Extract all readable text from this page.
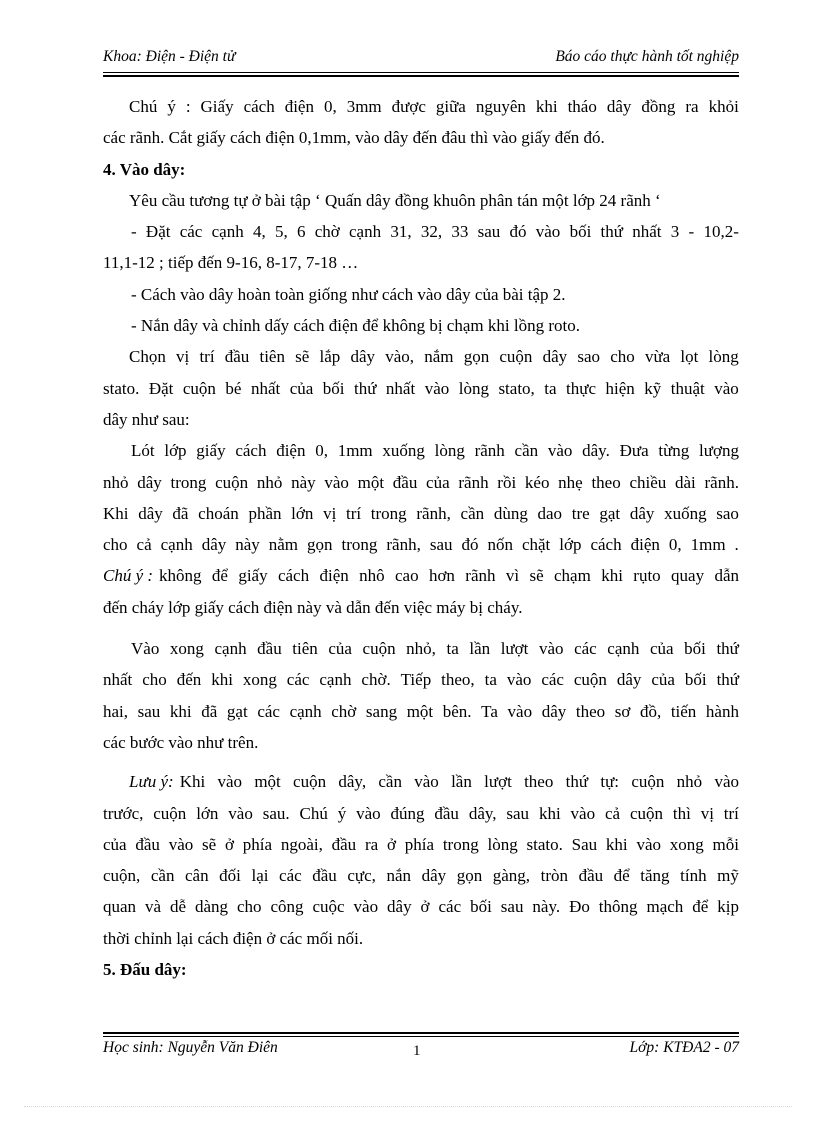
Khoa: Điện - Điện tử	Báo cáo thực hành tốt nghiệp
Chú ý : Giấy cách điện 0, 3mm được giữa nguyên khi tháo dây đồng ra khỏi
các rãnh. Cắt giấy cách điện 0,1mm, vào dây đến đâu thì vào giấy đến đó.
4. Vào dây:
Yêu cầu tương tự ở bài tập ‘ Quấn dây đồng khuôn phân tán một lớp 24 rãnh ‘
- Đặt các cạnh 4, 5, 6 chờ cạnh 31, 32, 33 sau đó vào bối thứ nhất 3 - 10,2-
11,1-12 ; tiếp đến 9-16, 8-17, 7-18 …
- Cách vào dây hoàn toàn giống như cách vào dây của bài tập 2.
- Nắn dây và chỉnh dấy cách điện để không bị chạm khi lồng roto.
Chọn vị trí đầu tiên sẽ lắp dây vào, nắm gọn cuộn dây sao cho vừa lọt lòng
stato. Đặt cuộn bé nhất của bối thứ nhất vào lòng stato, ta thực hiện kỹ thuật vào
dây như sau:
Lót lớp giấy cách điện 0, 1mm xuống lòng rãnh cần vào dây. Đưa từng lượng
nhỏ dây trong cuộn nhỏ này vào một đầu của rãnh rồi kéo nhẹ theo chiều dài rãnh.
Khi dây đã choán phần lớn vị trí trong rãnh, cần dùng dao tre gạt dây xuống sao
cho cả cạnh dây này nằm gọn trong rãnh, sau đó nốn chặt lớp cách điện 0, 1mm .
Chú ý : không để giấy cách điện nhô cao hơn rãnh vì sẽ chạm khi rụto quay dẫn
đến cháy lớp giấy cách điện này và dẫn đến việc máy bị cháy.
Vào xong cạnh đầu tiên của cuộn nhỏ, ta lần lượt vào các cạnh của bối thứ
nhất cho đến khi xong các cạnh chờ. Tiếp theo, ta vào các cuộn dây của bối thứ
hai, sau khi đã gạt các cạnh chờ sang một bên. Ta vào dây theo sơ đồ, tiến hành
các bước vào như trên.
Lưu ý: Khi vào một cuộn dây, cần vào lần lượt theo thứ tự: cuộn nhỏ vào
trước, cuộn lớn vào sau. Chú ý vào đúng đầu dây, sau khi vào cả cuộn thì vị trí
của đầu vào sẽ ở phía ngoài, đầu ra ở phía trong lòng stato. Sau khi vào xong mỗi
cuộn, cần cân đối lại các đầu cực, nắn dây gọn gàng, tròn đầu để tăng tính mỹ
quan và dễ dàng cho công cuộc vào dây ở các bối sau này. Đo thông mạch để kịp
thời chỉnh lại cách điện ở các mối nối.
5. Đấu dây:
Học sinh: Nguyễn Văn Điên	1	Lớp: KTĐA2 - 07
